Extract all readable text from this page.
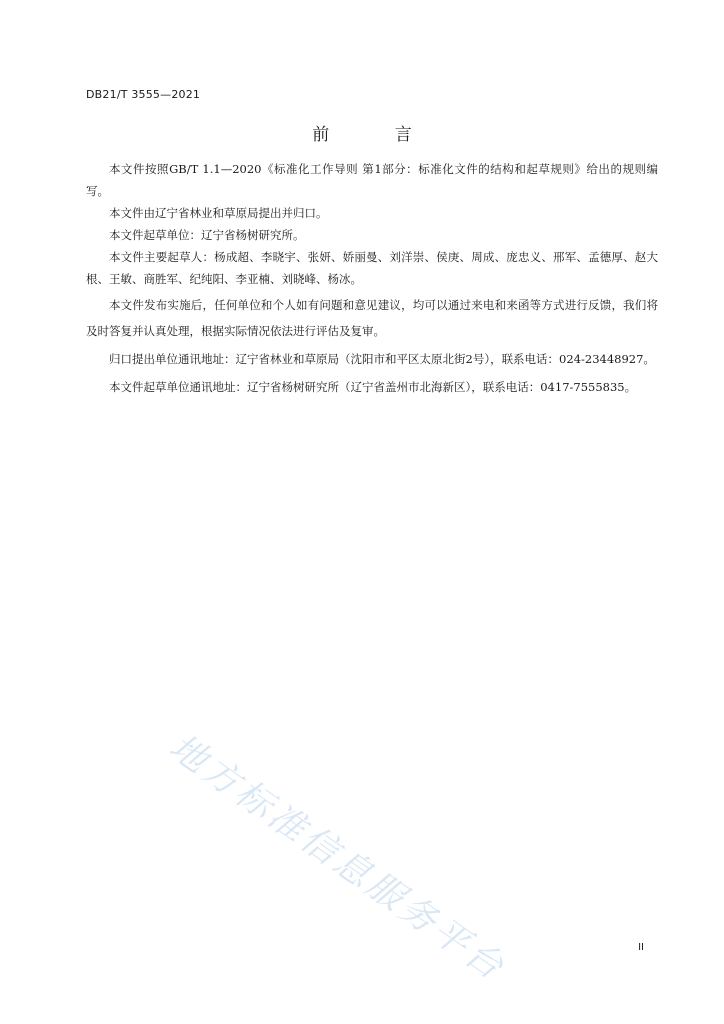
DB21/T 3555—2021
前 言

本文件按照GB/T 1.1—2020《标准化工作导则 第1部分：标准化文件的结构和起草规则》给出的规则编写。

本文件由辽宁省林业和草原局提出并归口。

本文件起草单位：辽宁省杨树研究所。

本文件主要起草人：杨成超、李晓宇、张妍、娇丽曼、刘洋崇、侯庚、周成、庞忠义、邢军、孟德厚、赵大根、王敏、商胜军、纪纯阳、李亚楠、刘晓峰、杨冰。

本文件发布实施后，任何单位和个人如有问题和意见建议，均可以通过来电和来函等方式进行反馈，我们将及时答复并认真处理，根据实际情况依法进行评估及复审。

归口提出单位通讯地址：辽宁省林业和草原局（沈阳市和平区太原北街2号），联系电话：024-23448927。

本文件起草单位通讯地址：辽宁省杨树研究所（辽宁省盖州市北海新区），联系电话：0417-7555835。

地方标准信息服务平台	II
